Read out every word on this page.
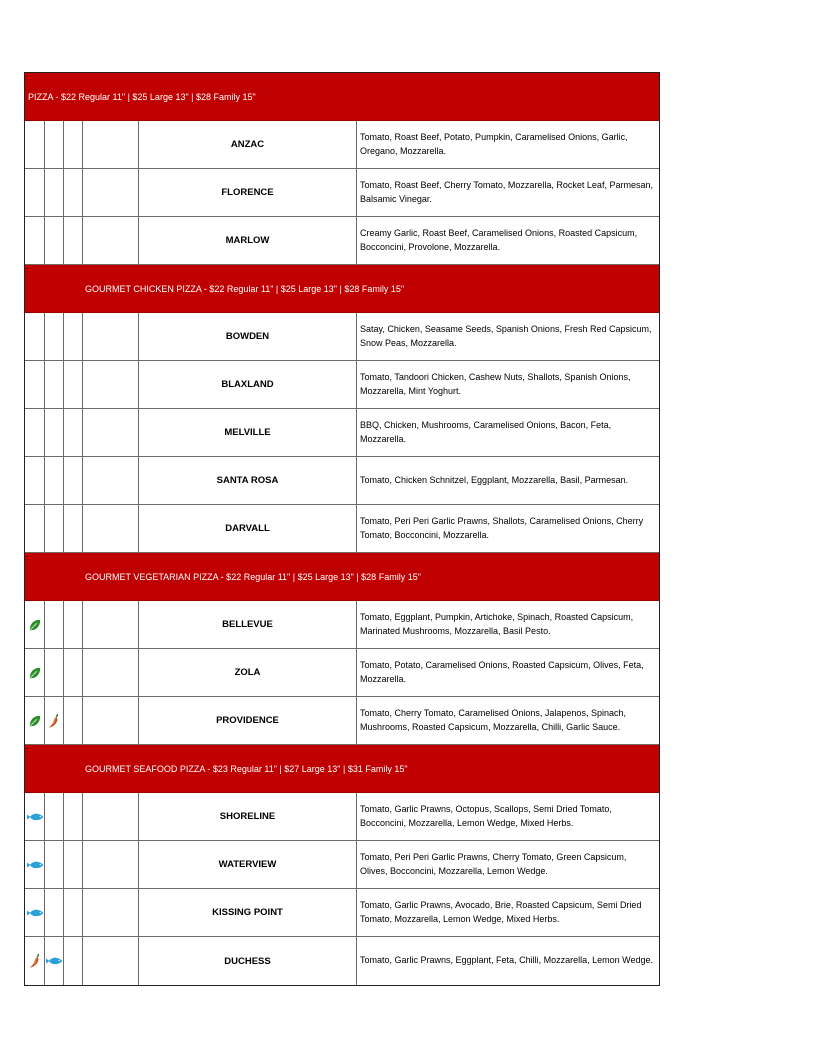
PIZZA - $22 Regular 11" | $25 Large 13" | $28 Family 15"
ANZAC
Tomato, Roast Beef, Potato, Pumpkin, Caramelised Onions, Garlic, Oregano, Mozzarella.
FLORENCE
Tomato, Roast Beef, Cherry Tomato, Mozzarella, Rocket Leaf, Parmesan, Balsamic Vinegar.
MARLOW
Creamy Garlic, Roast Beef, Caramelised Onions, Roasted Capsicum, Bocconcini, Provolone, Mozzarella.
GOURMET CHICKEN PIZZA - $22 Regular 11" | $25 Large 13" | $28 Family 15"
BOWDEN
Satay, Chicken, Seasame Seeds, Spanish Onions, Fresh Red Capsicum, Snow Peas, Mozzarella.
BLAXLAND
Tomato, Tandoori Chicken, Cashew Nuts, Shallots, Spanish Onions, Mozzarella, Mint Yoghurt.
MELVILLE
BBQ, Chicken, Mushrooms, Caramelised Onions, Bacon, Feta, Mozzarella.
SANTA ROSA	Tomato, Chicken Schnitzel, Eggplant, Mozzarella, Basil, Parmesan.
DARVALL
Tomato, Peri Peri Garlic Prawns, Shallots, Caramelised Onions, Cherry Tomato, Bocconcini, Mozzarella.
GOURMET VEGETARIAN PIZZA - $22 Regular 11" | $25 Large 13" | $28 Family 15"
BELLEVUE
Tomato, Eggplant, Pumpkin, Artichoke, Spinach, Roasted Capsicum, Marinated Mushrooms, Mozzarella, Basil Pesto.
ZOLA
Tomato, Potato, Caramelised Onions, Roasted Capsicum, Olives, Feta, Mozzarella.
PROVIDENCE
Tomato, Cherry Tomato, Caramelised Onions, Jalapenos, Spinach, Mushrooms, Roasted Capsicum, Mozzarella, Chilli, Garlic Sauce.
GOURMET SEAFOOD PIZZA - $23 Regular 11" | $27 Large 13" | $31 Family 15"
SHORELINE
Tomato, Garlic Prawns, Octopus, Scallops, Semi Dried Tomato, Bocconcini, Mozzarella, Lemon Wedge, Mixed Herbs.
WATERVIEW
Tomato, Peri Peri Garlic Prawns, Cherry Tomato, Green Capsicum, Olives, Bocconcini, Mozzarella, Lemon Wedge.
KISSING POINT
Tomato, Garlic Prawns, Avocado, Brie, Roasted Capsicum, Semi Dried Tomato, Mozzarella, Lemon Wedge, Mixed Herbs.
DUCHESS	Tomato, Garlic Prawns, Eggplant, Feta, Chilli, Mozzarella, Lemon Wedge.
